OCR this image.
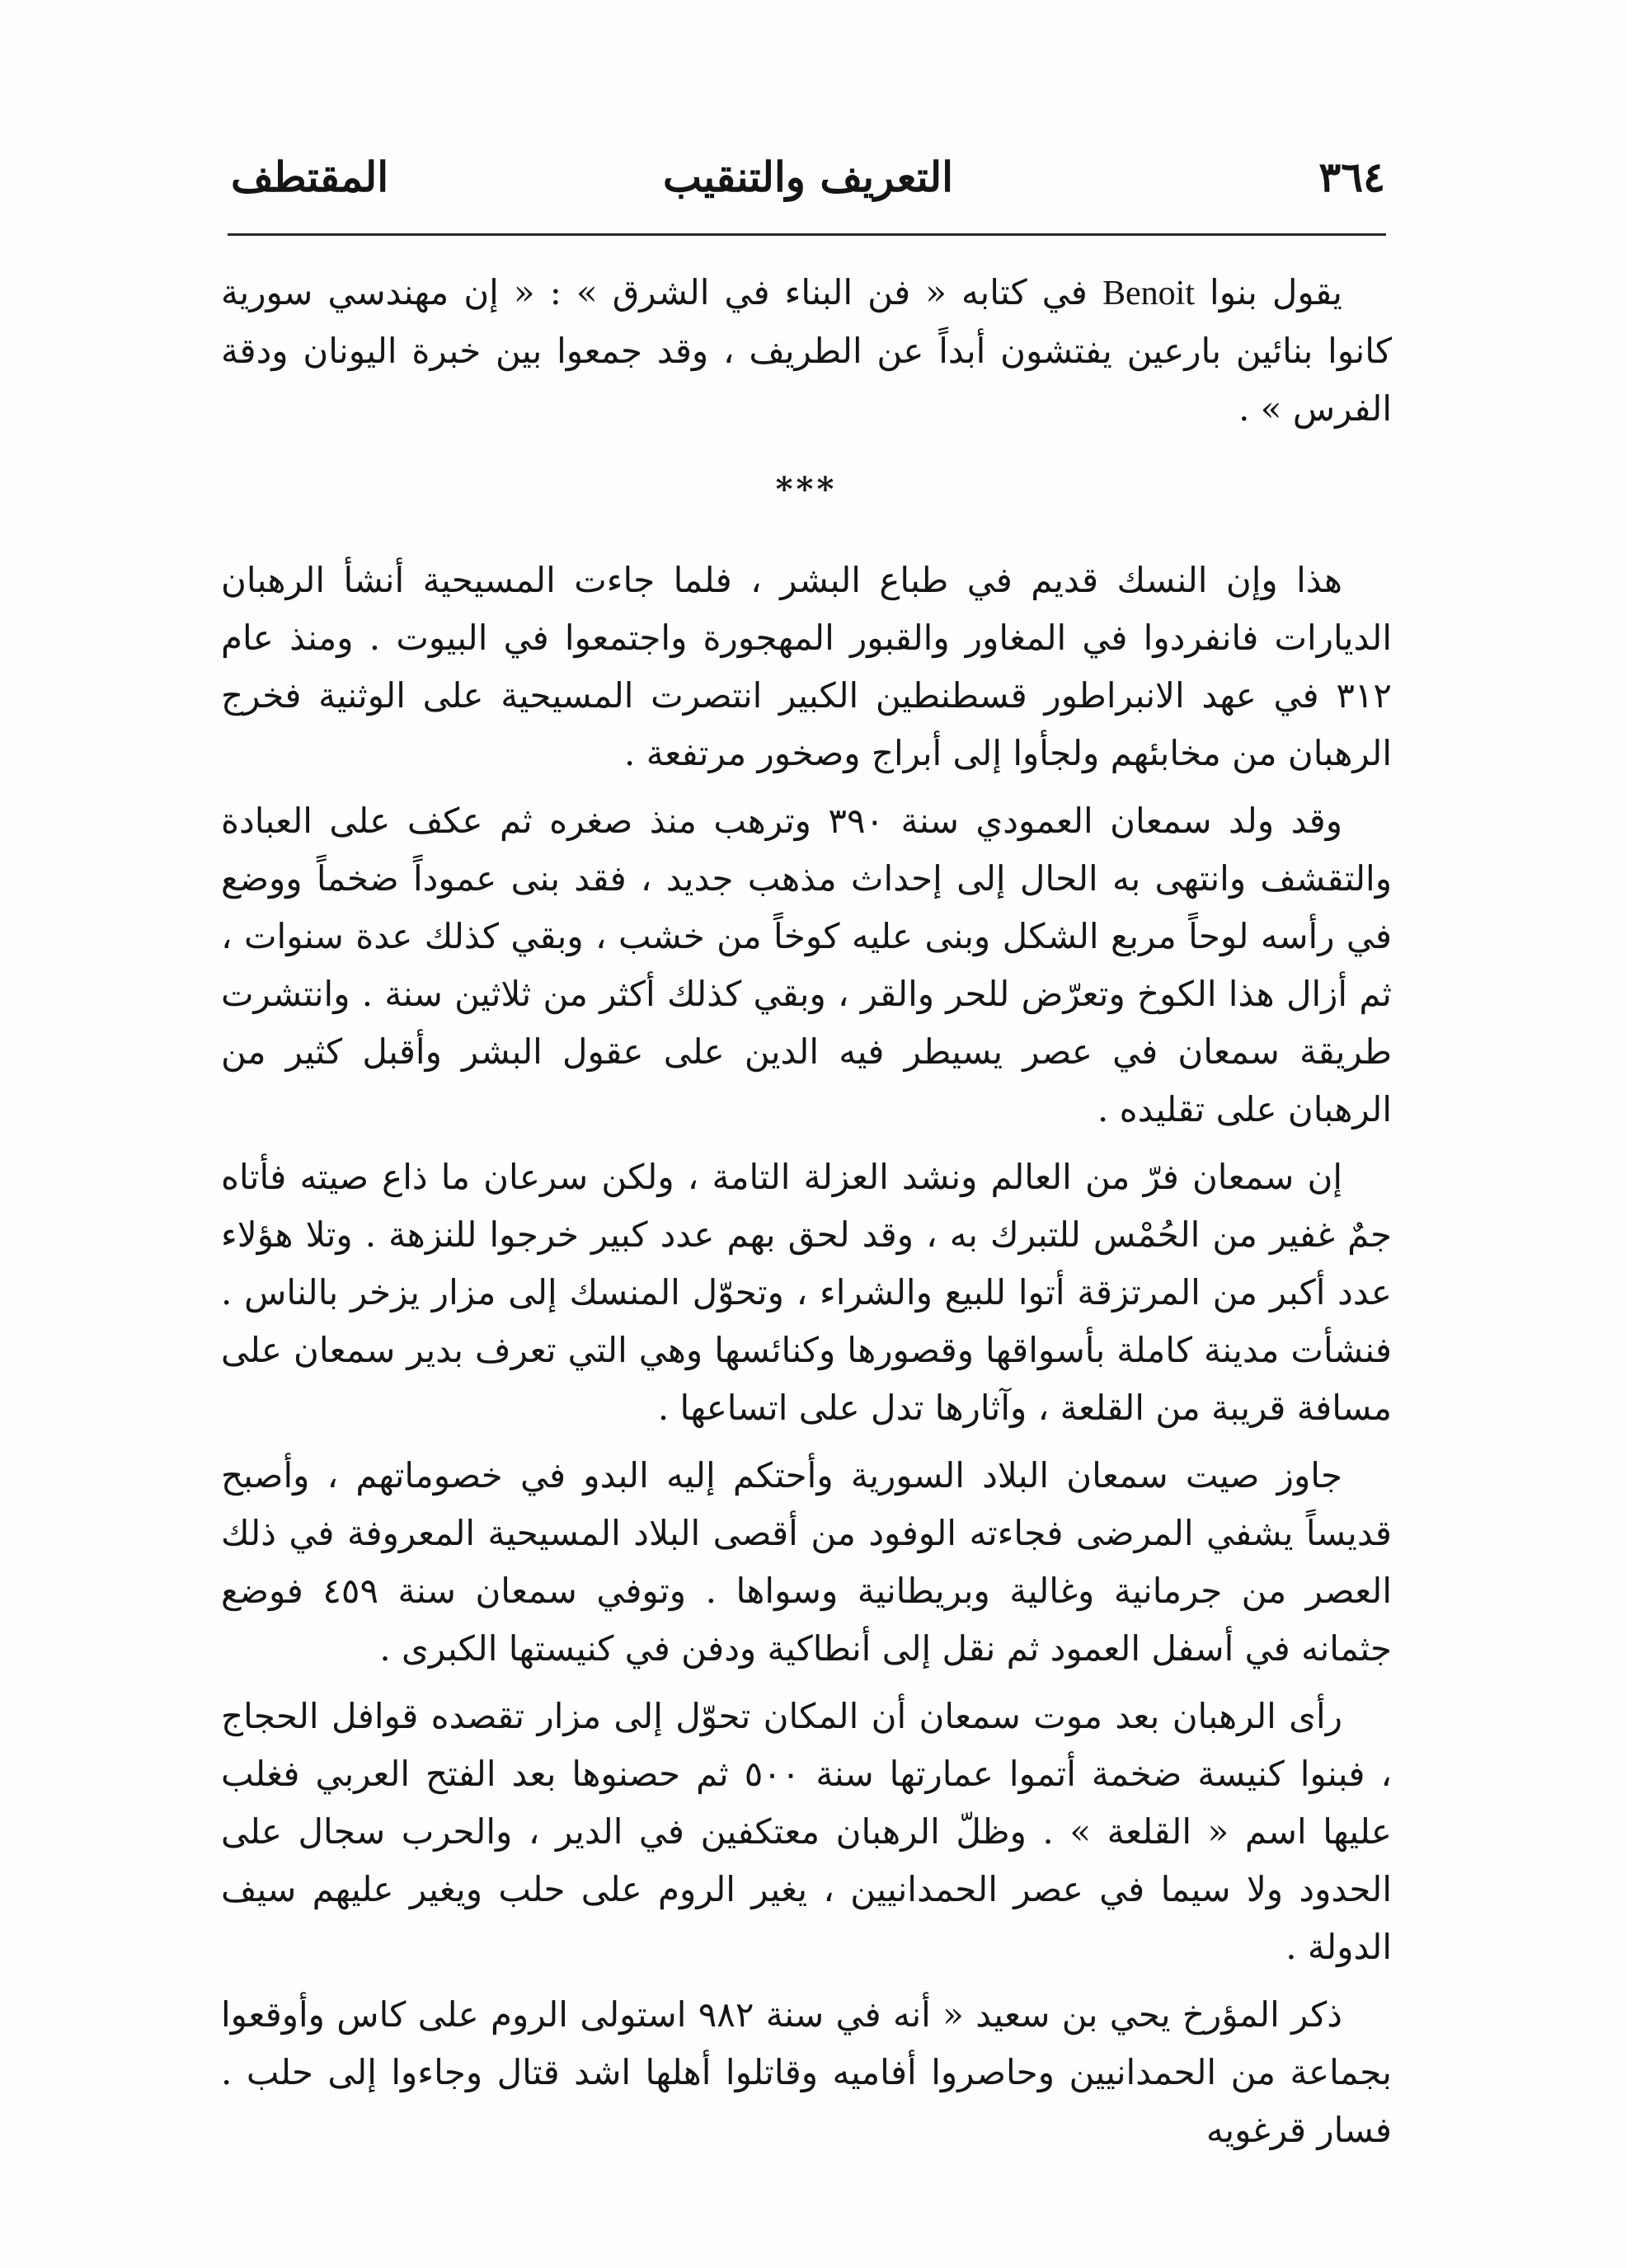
٣٦٤
التعريف والتنقيب
المقتطف

يقول بنوا Benoit في كتابه « فن البناء في الشرق » : « إن مهندسي سورية كانوا بنائين بارعين يفتشون أبداً عن الطريف ، وقد جمعوا بين خبرة اليونان ودقة الفرس » .

***

هذا وإن النسك قديم في طباع البشر ، فلما جاءت المسيحية أنشأ الرهبان الديارات فانفردوا في المغاور والقبور المهجورة واجتمعوا في البيوت . ومنذ عام ٣١٢ في عهد الانبراطور قسطنطين الكبير انتصرت المسيحية على الوثنية فخرج الرهبان من مخابئهم ولجأوا إلى أبراج وصخور مرتفعة .

وقد ولد سمعان العمودي سنة ٣٩٠ وترهب منذ صغره ثم عكف على العبادة والتقشف وانتهى به الحال إلى إحداث مذهب جديد ، فقد بنى عموداً ضخماً ووضع في رأسه لوحاً مربع الشكل وبنى عليه كوخاً من خشب ، وبقي كذلك عدة سنوات ، ثم أزال هذا الكوخ وتعرّض للحر والقر ، وبقي كذلك أكثر من ثلاثين سنة . وانتشرت طريقة سمعان في عصر يسيطر فيه الدين على عقول البشر وأقبل كثير من الرهبان على تقليده .

إن سمعان فرّ من العالم ونشد العزلة التامة ، ولكن سرعان ما ذاع صيته فأتاه جمٌ غفير من الحُمْس للتبرك به ، وقد لحق بهم عدد كبير خرجوا للنزهة . وتلا هؤلاء عدد أكبر من المرتزقة أتوا للبيع والشراء ، وتحوّل المنسك إلى مزار يزخر بالناس . فنشأت مدينة كاملة بأسواقها وقصورها وكنائسها وهي التي تعرف بدير سمعان على مسافة قريبة من القلعة ، وآثارها تدل على اتساعها .

جاوز صيت سمعان البلاد السورية وأحتكم إليه البدو في خصوماتهم ، وأصبح قديساً يشفي المرضى فجاءته الوفود من أقصى البلاد المسيحية المعروفة في ذلك العصر من جرمانية وغالية وبريطانية وسواها . وتوفي سمعان سنة ٤٥٩ فوضع جثمانه في أسفل العمود ثم نقل إلى أنطاكية ودفن في كنيستها الكبرى .

رأى الرهبان بعد موت سمعان أن المكان تحوّل إلى مزار تقصده قوافل الحجاج ، فبنوا كنيسة ضخمة أتموا عمارتها سنة ٥٠٠ ثم حصنوها بعد الفتح العربي فغلب عليها اسم « القلعة » . وظلّ الرهبان معتكفين في الدير ، والحرب سجال على الحدود ولا سيما في عصر الحمدانيين ، يغير الروم على حلب ويغير عليهم سيف الدولة .

ذكر المؤرخ يحي بن سعيد « أنه في سنة ٩٨٢ استولى الروم على كاس وأوقعوا بجماعة من الحمدانيين وحاصروا أفاميه وقاتلوا أهلها اشد قتال وجاءوا إلى حلب . فسار قرغويه
